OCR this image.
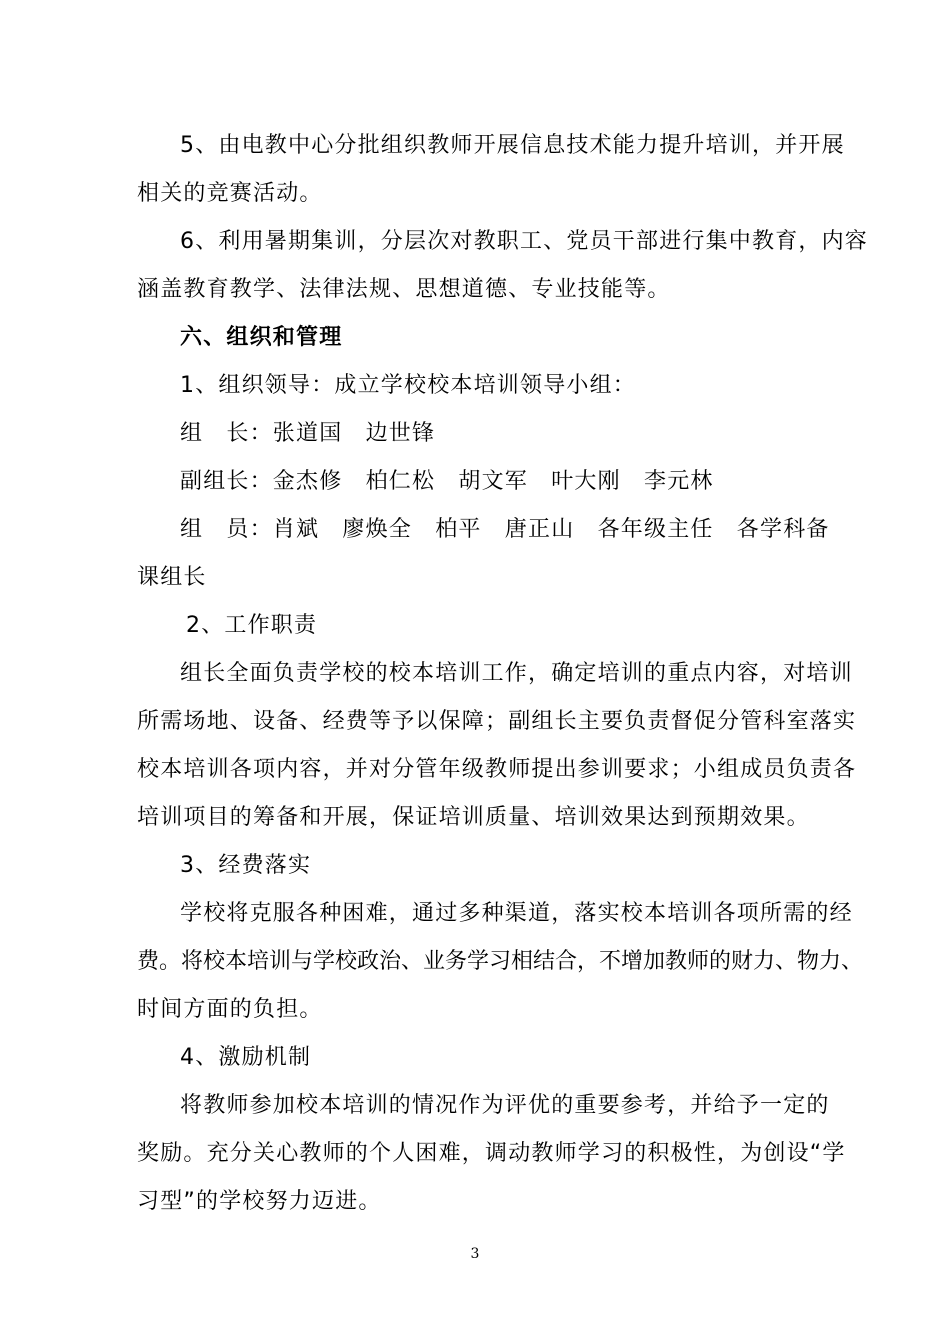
5、由电教中心分批组织教师开展信息技术能力提升培训，并开展
相关的竞赛活动。
6、利用暑期集训，分层次对教职工、党员干部进行集中教育，内容
涵盖教育教学、法律法规、思想道德、专业技能等。
六、组织和管理
1、组织领导：成立学校校本培训领导小组：
组　长：张道国　边世锋
副组长：金杰修　柏仁松　胡文军　叶大刚　李元林
组　员：肖斌　廖焕全　柏平　唐正山　各年级主任　各学科备
课组长
2、工作职责
组长全面负责学校的校本培训工作，确定培训的重点内容，对培训
所需场地、设备、经费等予以保障；副组长主要负责督促分管科室落实
校本培训各项内容，并对分管年级教师提出参训要求；小组成员负责各
培训项目的筹备和开展，保证培训质量、培训效果达到预期效果。
3、经费落实
学校将克服各种困难，通过多种渠道，落实校本培训各项所需的经
费。将校本培训与学校政治、业务学习相结合，不增加教师的财力、物力、
时间方面的负担。
4、激励机制
将教师参加校本培训的情况作为评优的重要参考，并给予一定的
奖励。充分关心教师的个人困难，调动教师学习的积极性，为创设“学
习型”的学校努力迈进。
3
